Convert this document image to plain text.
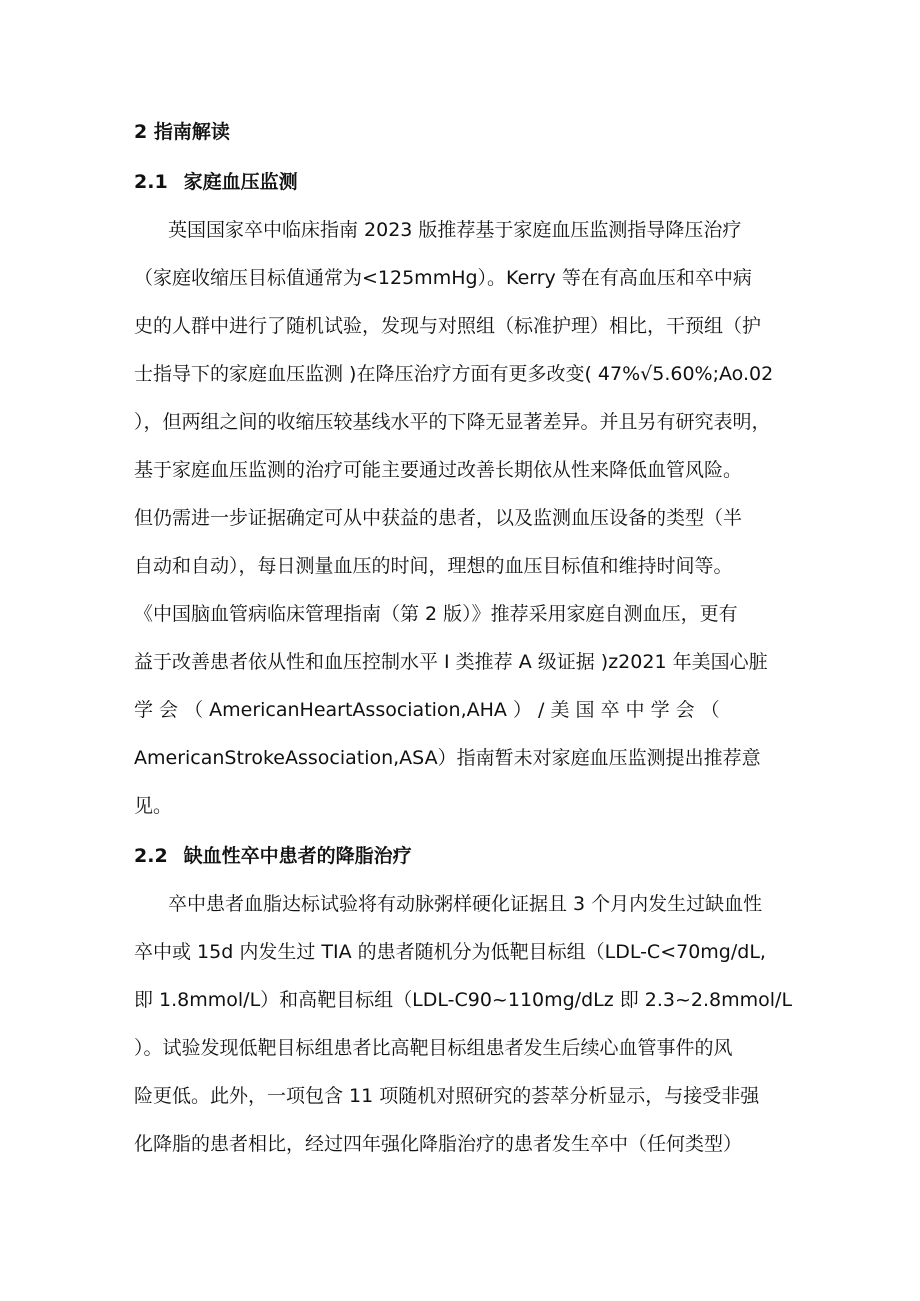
2 指南解读
2.1 家庭血压监测
英国国家卒中临床指南 2023 版推荐基于家庭血压监测指导降压治疗
（家庭收缩压目标值通常为<125mmHg）。Kerry 等在有高血压和卒中病
史的人群中进行了随机试验，发现与对照组（标准护理）相比，干预组（护
士指导下的家庭血压监测 )在降压治疗方面有更多改变( 47%√5.60%;Ao.02
），但两组之间的收缩压较基线水平的下降无显著差异。并且另有研究表明，
基于家庭血压监测的治疗可能主要通过改善长期依从性来降低血管风险。
但仍需进一步证据确定可从中获益的患者，以及监测血压设备的类型（半
自动和自动），每日测量血压的时间，理想的血压目标值和维持时间等。
《中国脑血管病临床管理指南（第 2 版）》推荐采用家庭自测血压，更有
益于改善患者依从性和血压控制水平 I 类推荐 A 级证据 )z2021 年美国心脏
学 会 （ AmericanHeartAssociation,AHA ） / 美 国 卒 中 学 会 （
AmericanStrokeAssociation,ASA）指南暂未对家庭血压监测提出推荐意
见。
2.2 缺血性卒中患者的降脂治疗
卒中患者血脂达标试验将有动脉粥样硬化证据且 3 个月内发生过缺血性
卒中或 15d 内发生过 TIA 的患者随机分为低靶目标组（LDL-C<70mg∕dL,
即 1.8mmol∕L）和高靶目标组（LDL-C90~110mg∕dLz 即 2.3~2.8mmol∕L
）。试验发现低靶目标组患者比高靶目标组患者发生后续心血管事件的风
险更低。此外，一项包含 11 项随机对照研究的荟萃分析显示，与接受非强
化降脂的患者相比，经过四年强化降脂治疗的患者发生卒中（任何类型）
